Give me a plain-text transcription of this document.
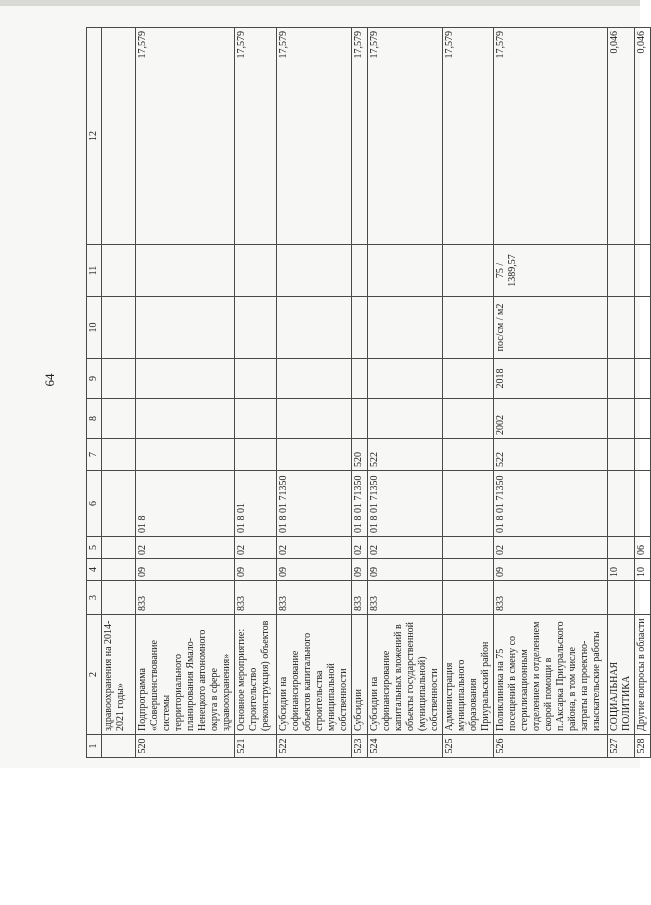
64
1	2	3	4	5	6	7	8	9	10	11	12
	здравоохранения на 2014-2021 годы»										
520	Подпрограмма «Совершенствование системы территориального планирования Ямало-Ненецкого автономного округа в сфере здравоохранения»	833	09	02	01 8						17,579
521	Основное мероприятие: Строительство (реконструкция) объектов	833	09	02	01 8 01						17,579
522	Субсидии на софинансирование объектов капитального строительства муниципальной собственности	833	09	02	01 8 01 71350						17,579
523	Субсидии	833	09	02	01 8 01 71350	520					17,579
524	Субсидии на софинансирование капитальных вложений в объекты государственной (муниципальной) собственности	833	09	02	01 8 01 71350	522					17,579
525	Администрация муниципального образования Приуральский район										17,579
526	Поликлиника на 75 посещений в смену со стерилизационным отделением и отделением скорой помощи в п.Аксарка Приуральского района, в том числе затраты на проектно-изыскательские работы	833	09	02	01 8 01 71350	522	2002	2018	пос/см / м2	75 / 1389,57	17,579
527	СОЦИАЛЬНАЯ ПОЛИТИКА		10								0,046
528	Другие вопросы в области		10	06							0,046
